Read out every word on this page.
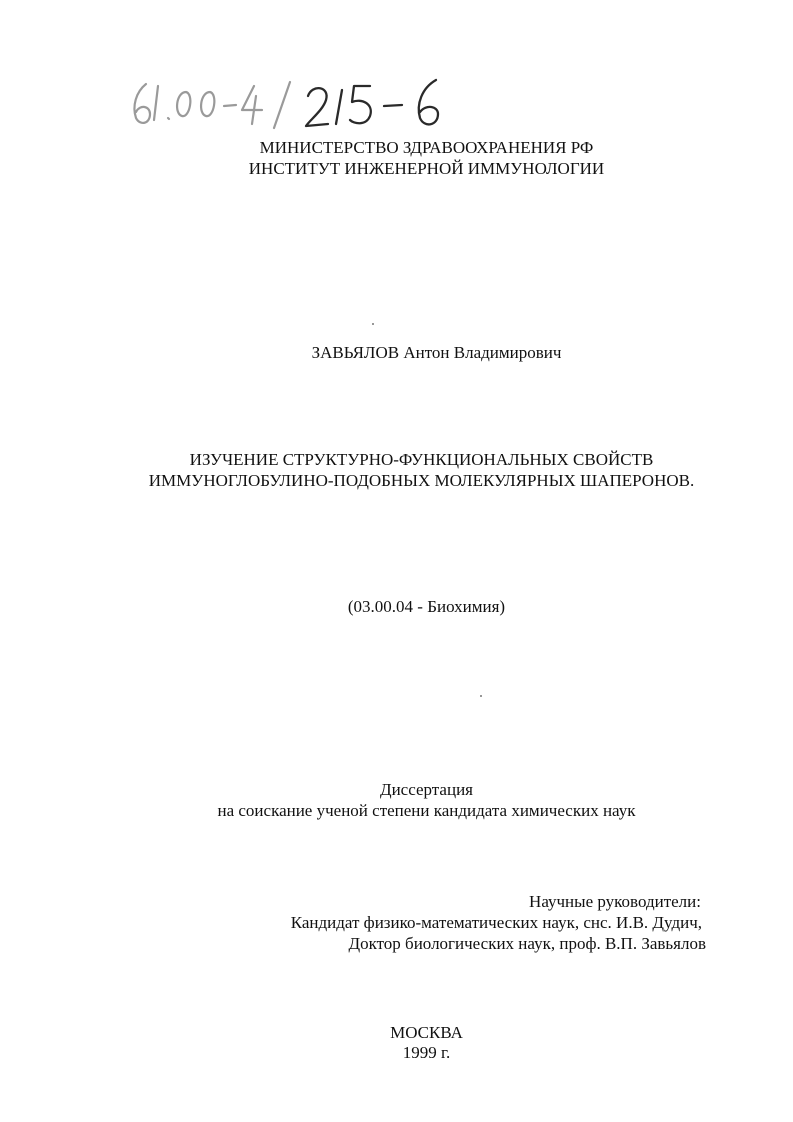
МИНИСТЕРСТВО ЗДРАВООХРАНЕНИЯ РФ
ИНСТИТУТ ИНЖЕНЕРНОЙ ИММУНОЛОГИИ
ЗАВЬЯЛОВ Антон Владимирович
ИЗУЧЕНИЕ СТРУКТУРНО-ФУНКЦИОНАЛЬНЫХ СВОЙСТВ
ИММУНОГЛОБУЛИНО-ПОДОБНЫХ МОЛЕКУЛЯРНЫХ ШАПЕРОНОВ.
(03.00.04 - Биохимия)
Диссертация
на соискание ученой степени кандидата химических наук
Научные руководители:
Кандидат физико-математических наук, снс. И.В. Дудич,
Доктор биологических наук, проф. В.П. Завьялов
МОСКВА
1999 г.
